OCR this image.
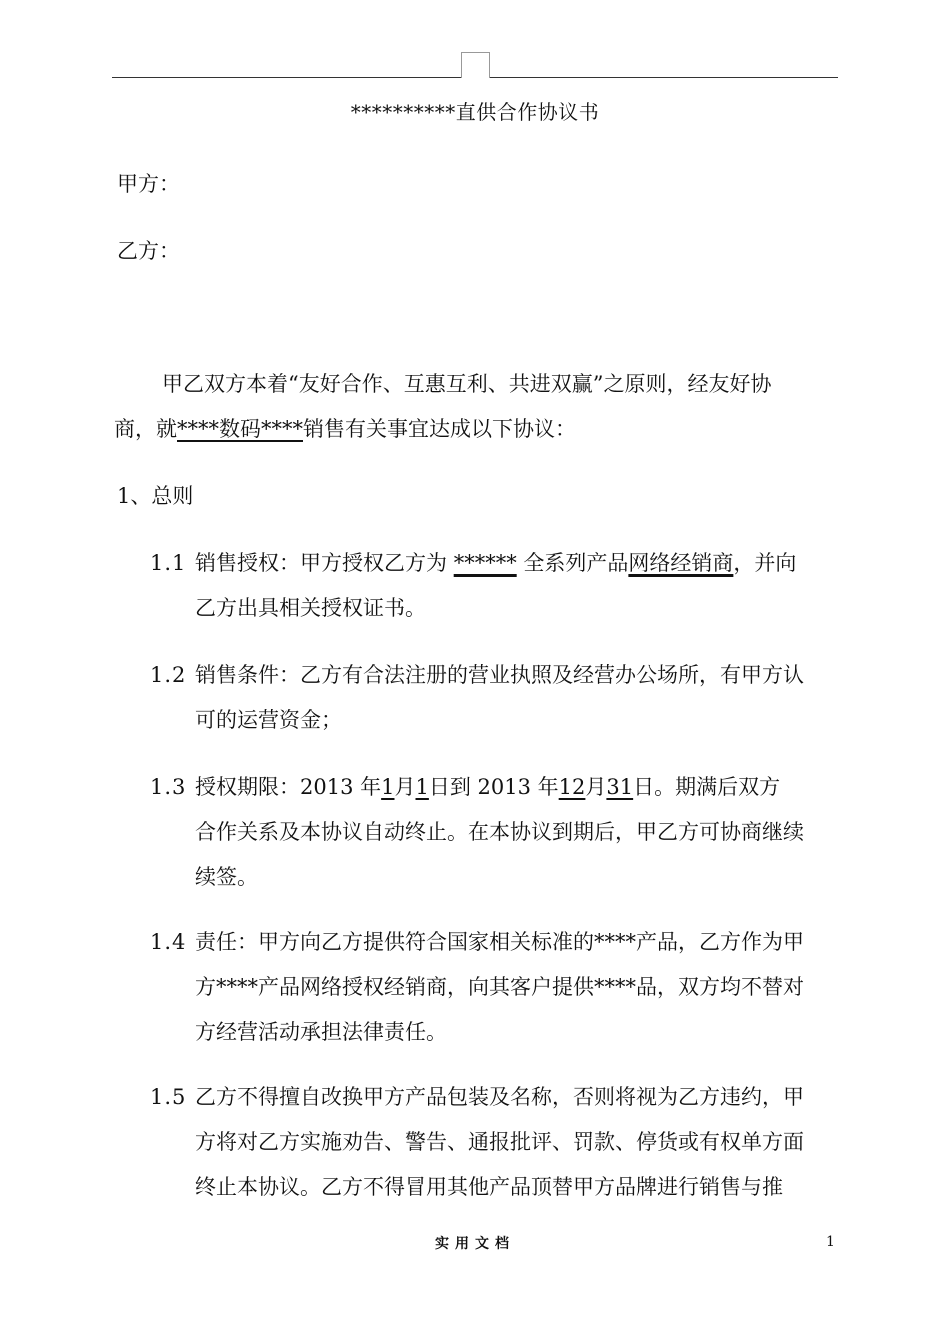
**********直供合作协议书
甲方：
乙方：
甲乙双方本着“友好合作、互惠互利、共进双赢”之原则，经友好协
商，就****数码****销售有关事宜达成以下协议：
1、总则
1.1 销售授权：甲方授权乙方为 ****** 全系列产品网络经销商，并向
乙方出具相关授权证书。
1.2 销售条件：乙方有合法注册的营业执照及经营办公场所，有甲方认
可的运营资金；
1.3 授权期限：2013 年1月1日到 2013 年12月31日。期满后双方
合作关系及本协议自动终止。在本协议到期后，甲乙方可协商继续
续签。
1.4 责任：甲方向乙方提供符合国家相关标准的****产品，乙方作为甲
方****产品网络授权经销商，向其客户提供****品，双方均不替对
方经营活动承担法律责任。
1.5 乙方不得擅自改换甲方产品包装及名称，否则将视为乙方违约，甲
方将对乙方实施劝告、警告、通报批评、罚款、停货或有权单方面
终止本协议。乙方不得冒用其他产品顶替甲方品牌进行销售与推
实用文档	1
